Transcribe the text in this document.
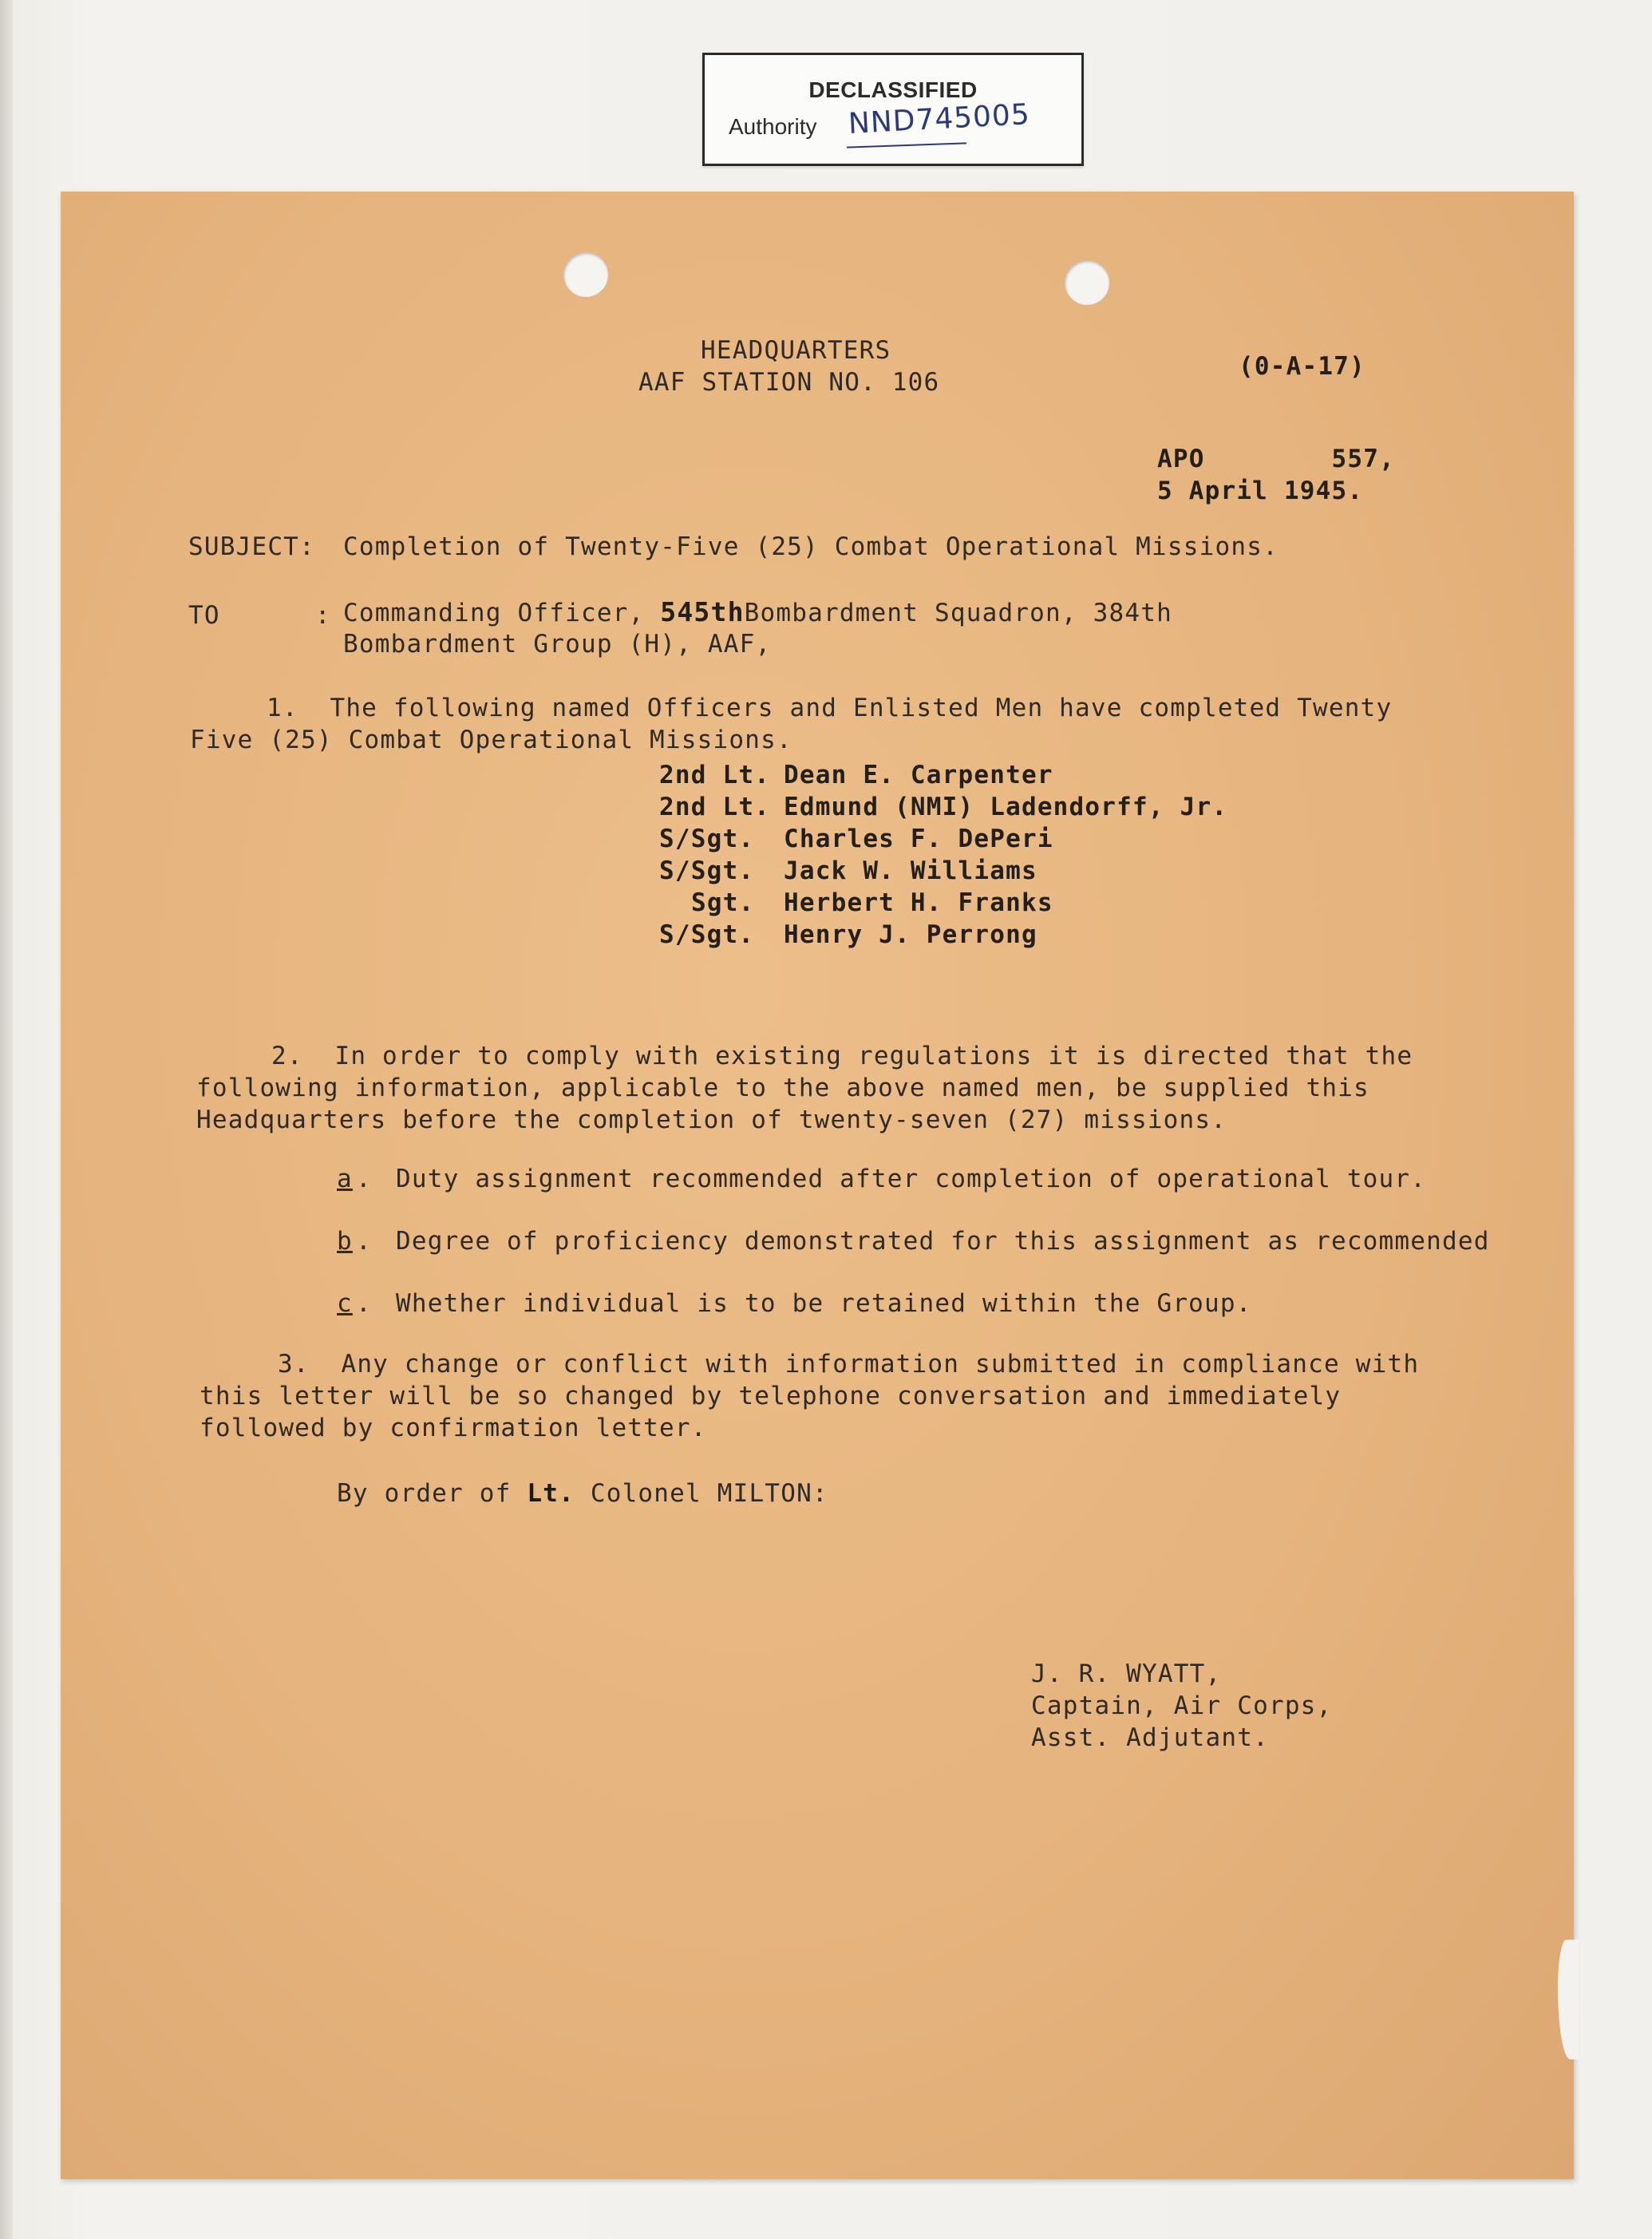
DECLASSIFIED
Authority NND745005
HEADQUARTERS
AAF STATION NO. 106
(0-A-17)
APO        557,
5 April 1945.
SUBJECT: Completion of Twenty-Five (25) Combat Operational Missions.
TO      : Commanding Officer, 545thBombardment Squadron, 384th
Bombardment Group (H), AAF,
1.  The following named Officers and Enlisted Men have completed Twenty
Five (25) Combat Operational Missions.
2nd Lt. Dean E. Carpenter
2nd Lt. Edmund (NMI) Ladendorff, Jr.
S/Sgt. Charles F. DePeri
S/Sgt. Jack W. Williams
Sgt. Herbert H. Franks
S/Sgt. Henry J. Perrong
2.  In order to comply with existing regulations it is directed that the
following information, applicable to the above named men, be supplied this
Headquarters before the completion of twenty-seven (27) missions.
a . Duty assignment recommended after completion of operational tour.
b . Degree of proficiency demonstrated for this assignment as recommended
c . Whether individual is to be retained within the Group.
3.  Any change or conflict with information submitted in compliance with
this letter will be so changed by telephone conversation and immediately
followed by confirmation letter.
By order of Lt. Colonel MILTON:
J. R. WYATT,
Captain, Air Corps,
Asst. Adjutant.
